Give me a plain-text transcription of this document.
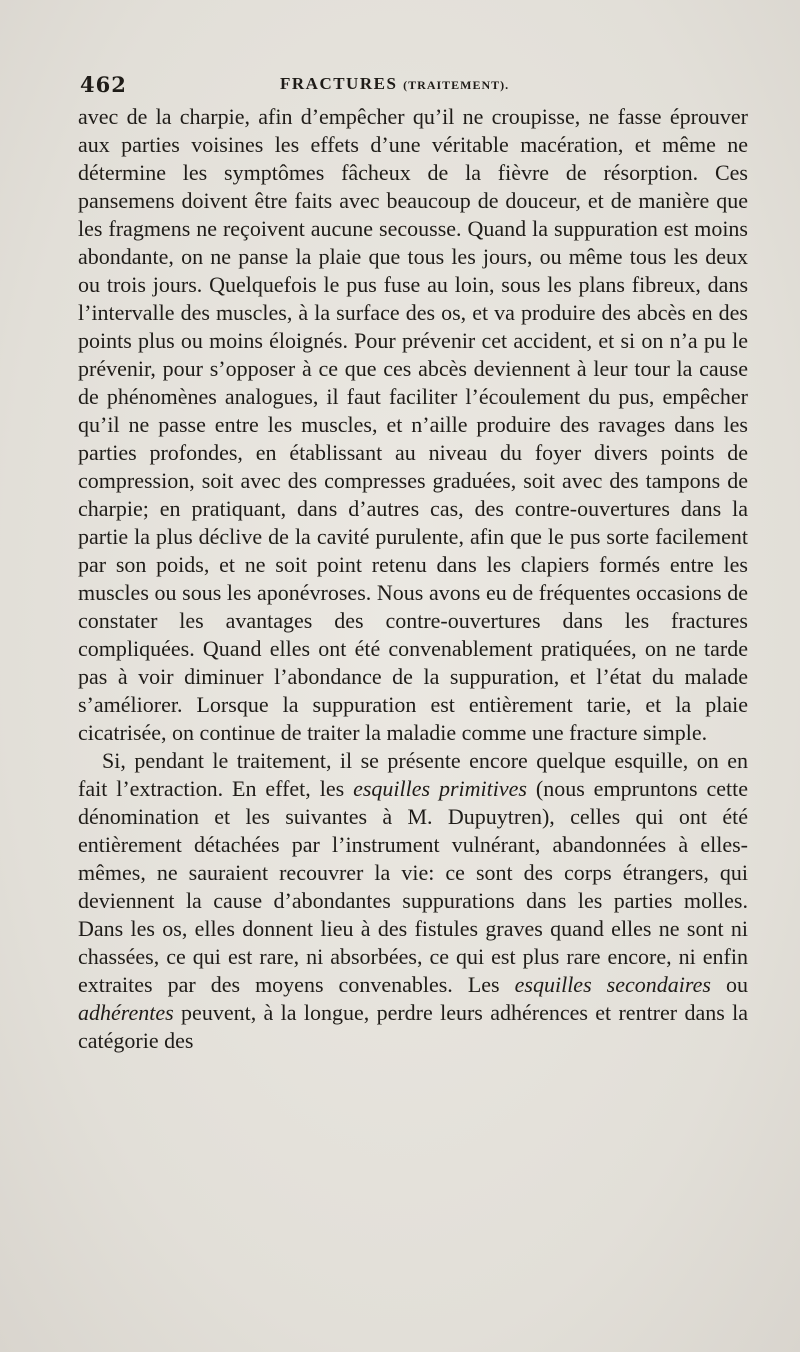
462	FRACTURES (TRAITEMENT).

avec de la charpie, afin d’empêcher qu’il ne croupisse, ne fasse éprouver aux parties voisines les effets d’une véritable macération, et même ne détermine les symptômes fâcheux de la fièvre de résorption. Ces pansemens doivent être faits avec beaucoup de douceur, et de manière que les fragmens ne reçoivent aucune secousse. Quand la suppuration est moins abondante, on ne panse la plaie que tous les jours, ou même tous les deux ou trois jours. Quelquefois le pus fuse au loin, sous les plans fibreux, dans l’intervalle des muscles, à la surface des os, et va produire des abcès en des points plus ou moins éloignés. Pour prévenir cet accident, et si on n’a pu le prévenir, pour s’opposer à ce que ces abcès deviennent à leur tour la cause de phénomènes analogues, il faut faciliter l’écoulement du pus, empêcher qu’il ne passe entre les muscles, et n’aille produire des ravages dans les parties profondes, en établissant au niveau du foyer divers points de compression, soit avec des compresses graduées, soit avec des tampons de charpie; en pratiquant, dans d’autres cas, des contre-ouvertures dans la partie la plus déclive de la cavité purulente, afin que le pus sorte facilement par son poids, et ne soit point retenu dans les clapiers formés entre les muscles ou sous les aponévroses. Nous avons eu de fréquentes occasions de constater les avantages des contre-ouvertures dans les fractures compliquées. Quand elles ont été convenablement pratiquées, on ne tarde pas à voir diminuer l’abondance de la suppuration, et l’état du malade s’améliorer. Lorsque la suppuration est entièrement tarie, et la plaie cicatrisée, on continue de traiter la maladie comme une fracture simple.

Si, pendant le traitement, il se présente encore quelque esquille, on en fait l’extraction. En effet, les esquilles primitives (nous empruntons cette dénomination et les suivantes à M. Dupuytren), celles qui ont été entièrement détachées par l’instrument vulnérant, abandonnées à elles-mêmes, ne sauraient recouvrer la vie: ce sont des corps étrangers, qui deviennent la cause d’abondantes suppurations dans les parties molles. Dans les os, elles donnent lieu à des fistules graves quand elles ne sont ni chassées, ce qui est rare, ni absorbées, ce qui est plus rare encore, ni enfin extraites par des moyens convenables. Les esquilles secondaires ou adhérentes peuvent, à la longue, perdre leurs adhérences et rentrer dans la catégorie des
